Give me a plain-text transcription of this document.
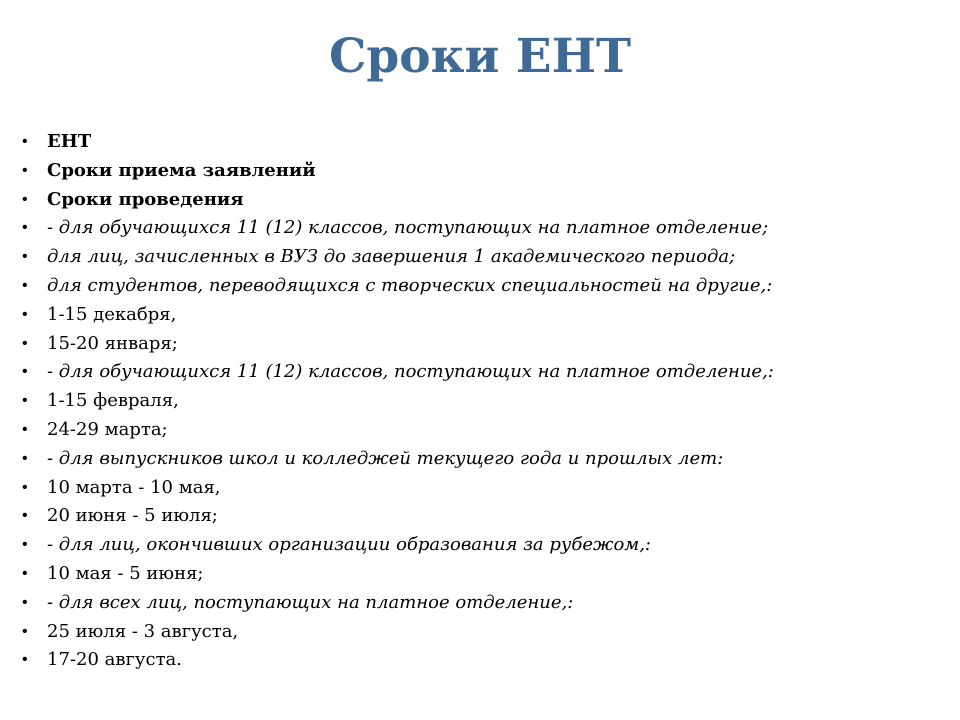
Сроки ЕНТ
•	ЕНТ
•	Сроки приема заявлений
•	Сроки проведения
•	- для обучающихся 11 (12) классов, поступающих на платное отделение;
•	для лиц, зачисленных в ВУЗ до завершения 1 академического периода;
•	для студентов, переводящихся с творческих специальностей на другие,:
•	1-15 декабря,
•	15-20 января;
•	- для обучающихся 11 (12) классов, поступающих на платное отделение,:
•	1-15 февраля,
•	24-29 марта;
•	- для выпускников школ и колледжей текущего года и прошлых лет:
•	10 марта - 10 мая,
•	20 июня - 5 июля;
•	- для лиц, окончивших организации образования за рубежом,:
•	10 мая - 5 июня;
•	- для всех лиц, поступающих на платное отделение,:
•	25 июля - 3 августа,
•	17-20 августа.
